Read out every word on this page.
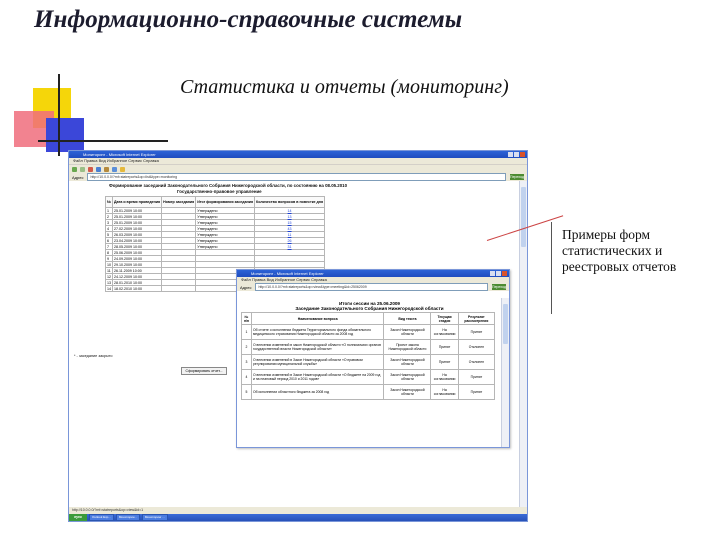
Информационно-справочные системы
Статистика и отчеты (мониторинг)
Мониторинг - Microsoft Internet Explorer
Файл Правка Вид Избранное Сервис Справка
Адрес	http://10.0.0.0/?mf=statreports&op=list&type=monitoring	Переход
Формирование заседаний Законодательного Собрания Нижегородской области, по состоянию на 08.05.2010
Государственно-правовое управление
№	Дата и время проведения	Номер заседания	Итог формирования заседания	Количество вопросов в повестке дня
1	25.01.2009 10:00		Утверждено	14
2	25.01.2009 10:00		Утверждено	13
3	25.01.2009 10:00		Утверждено	15
4	27.02.2009 10:00		Утверждено	43
5	26.03.2009 10:00		Утверждено	11
6	23.04.2009 10:00		Утверждено	26
7	28.05.2009 10:00		Утверждено	31
8	25.06.2009 10:00			
9	24.09.2009 10:00			
10	29.10.2009 10:00			
11	26.11.2009 10:00			
12	24.12.2009 10:00			
13	28.01.2010 10:00			
14	18.02.2010 10:00			
* - заседание закрыто
Сформировать отчет...
http://10.0.0.0/?mf=statreports&op=view&id=1
пуск	Outlook Exp...	Мониторин...	Мониторинг ...
Мониторинг - Microsoft Internet Explorer
Файл Правка Вид Избранное Сервис Справка
Адрес	http://10.0.0.0/?mf=statreports&op=view&type=meeting&id=25062009	Переход
Итоги сессии на 25.06.2009
Заседание Законодательного Собрания Нижегородской области
№ п/п	Наименование вопроса	Вид текста	Текущая стадия	Результат рассмотрения
1	Об отчете о исполнении бюджета Территориального фонда обязательного медицинского страхования Нижегородской области за 2008 год	Закон Нижегородской области	На согласовании	Принят
2	О внесении изменений в закон Нижегородской области «О полномочиях органов государственной власти Нижегородской области»	Проект закона Нижегородской области	Принят	Отклонен
3	О внесении изменений в Закон Нижегородской области «О правовом регулировании муниципальной службы»	Закон Нижегородской области	Принят	Отклонен
4	О внесении изменений в Закон Нижегородской области «О бюджете на 2009 год и на плановый период 2010 и 2011 годов»	Закон Нижегородской области	На согласовании	Принят
5	Об исполнении областного бюджета за 2008 год	Закон Нижегородской области	На согласовании	Принят
Примеры форм статистических и реестровых отчетов
